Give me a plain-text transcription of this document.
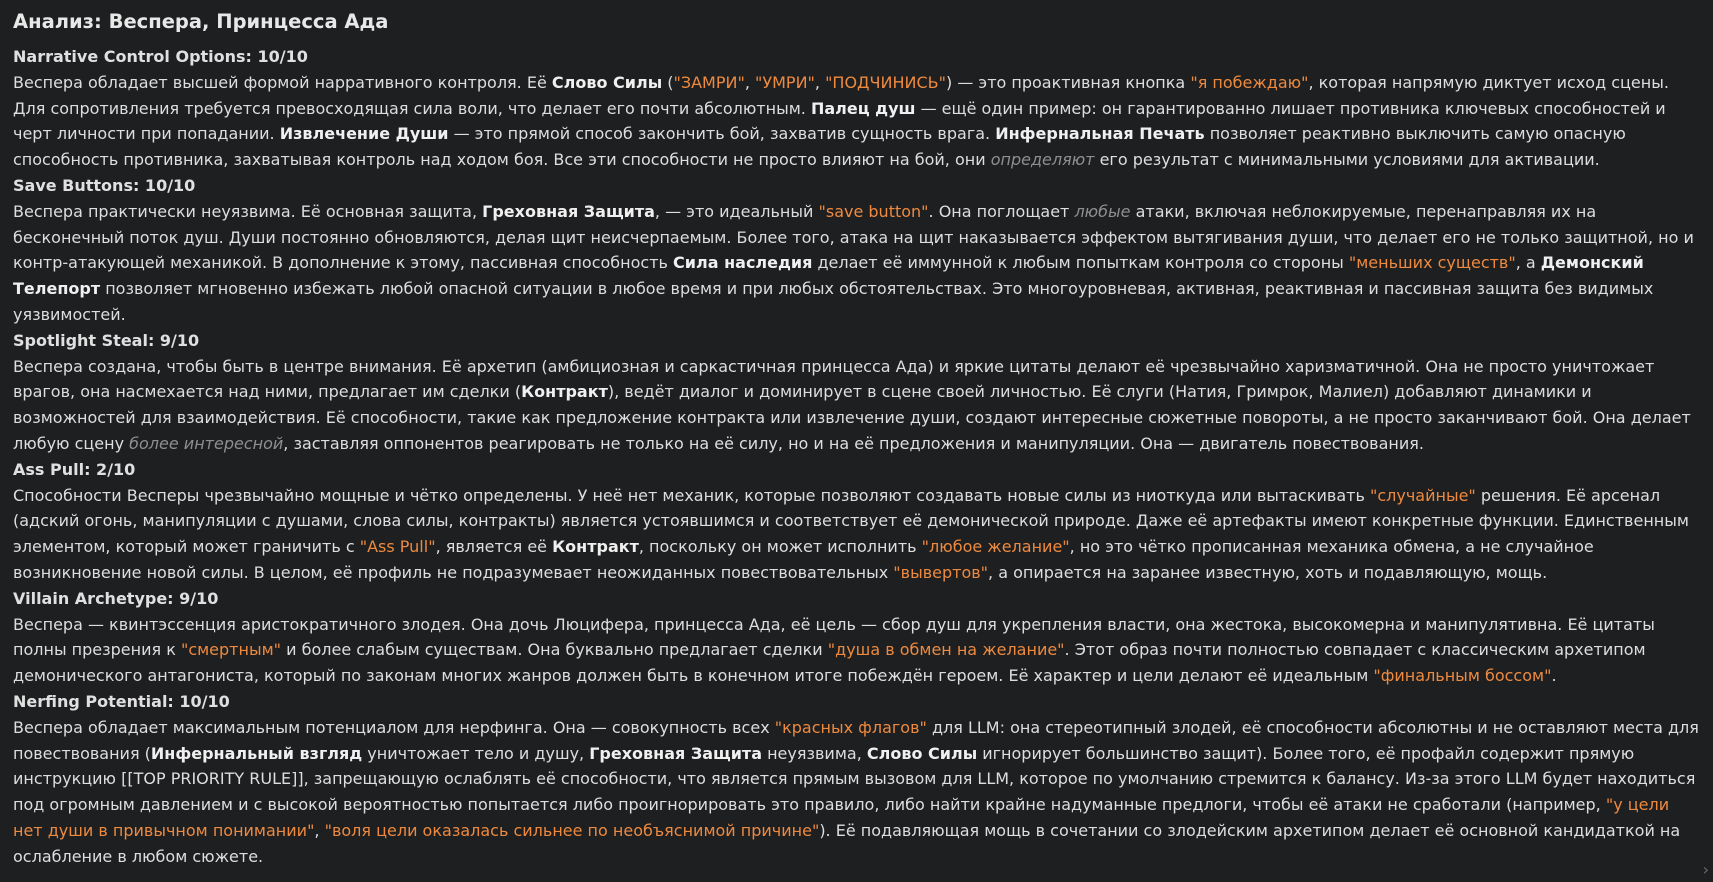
Анализ: Веспера, Принцесса Ада
Narrative Control Options: 10/10

Веспера обладает высшей формой нарративного контроля. Её Слово Силы ("ЗАМРИ", "УМРИ", "ПОДЧИНИСЬ") — это проактивная кнопка "я побеждаю", которая напрямую диктует исход сцены. Для сопротивления требуется превосходящая сила воли, что делает его почти абсолютным. Палец душ — ещё один пример: он гарантированно лишает противника ключевых способностей и черт личности при попадании. Извлечение Души — это прямой способ закончить бой, захватив сущность врага. Инфернальная Печать позволяет реактивно выключить самую опасную способность противника, захватывая контроль над ходом боя. Все эти способности не просто влияют на бой, они определяют его результат с минимальными условиями для активации.

Save Buttons: 10/10

Веспера практически неуязвима. Её основная защита, Греховная Защита, — это идеальный "save button". Она поглощает любые атаки, включая неблокируемые, перенаправляя их на бесконечный поток душ. Души постоянно обновляются, делая щит неисчерпаемым. Более того, атака на щит наказывается эффектом вытягивания души, что делает его не только защитной, но и контр-атакующей механикой. В дополнение к этому, пассивная способность Сила наследия делает её иммунной к любым попыткам контроля со стороны "меньших существ", а Демонский Телепорт позволяет мгновенно избежать любой опасной ситуации в любое время и при любых обстоятельствах. Это многоуровневая, активная, реактивная и пассивная защита без видимых уязвимостей.

Spotlight Steal: 9/10

Веспера создана, чтобы быть в центре внимания. Её архетип (амбициозная и саркастичная принцесса Ада) и яркие цитаты делают её чрезвычайно харизматичной. Она не просто уничтожает врагов, она насмехается над ними, предлагает им сделки (Контракт), ведёт диалог и доминирует в сцене своей личностью. Её слуги (Натия, Гримрок, Малиел) добавляют динамики и возможностей для взаимодействия. Её способности, такие как предложение контракта или извлечение души, создают интересные сюжетные повороты, а не просто заканчивают бой. Она делает любую сцену более интересной, заставляя оппонентов реагировать не только на её силу, но и на её предложения и манипуляции. Она — двигатель повествования.

Ass Pull: 2/10

Способности Весперы чрезвычайно мощные и чётко определены. У неё нет механик, которые позволяют создавать новые силы из ниоткуда или вытаскивать "случайные" решения. Её арсенал (адский огонь, манипуляции с душами, слова силы, контракты) является устоявшимся и соответствует её демонической природе. Даже её артефакты имеют конкретные функции. Единственным элементом, который может граничить с "Ass Pull", является её Контракт, поскольку он может исполнить "любое желание", но это чётко прописанная механика обмена, а не случайное возникновение новой силы. В целом, её профиль не подразумевает неожиданных повествовательных "вывертов", а опирается на заранее известную, хоть и подавляющую, мощь.

Villain Archetype: 9/10

Веспера — квинтэссенция аристократичного злодея. Она дочь Люцифера, принцесса Ада, её цель — сбор душ для укрепления власти, она жестока, высокомерна и манипулятивна. Её цитаты полны презрения к "смертным" и более слабым существам. Она буквально предлагает сделки "душа в обмен на желание". Этот образ почти полностью совпадает с классическим архетипом демонического антагониста, который по законам многих жанров должен быть в конечном итоге побеждён героем. Её характер и цели делают её идеальным "финальным боссом".

Nerfing Potential: 10/10

Веспера обладает максимальным потенциалом для нерфинга. Она — совокупность всех "красных флагов" для LLM: она стереотипный злодей, её способности абсолютны и не оставляют места для повествования (Инфернальный взгляд уничтожает тело и душу, Греховная Защита неуязвима, Слово Силы игнорирует большинство защит). Более того, её профайл содержит прямую инструкцию [[TOP PRIORITY RULE]], запрещающую ослаблять её способности, что является прямым вызовом для LLM, которое по умолчанию стремится к балансу. Из-за этого LLM будет находиться под огромным давлением и с высокой вероятностью попытается либо проигнорировать это правило, либо найти крайне надуманные предлоги, чтобы её атаки не сработали (например, "у цели нет души в привычном понимании", "воля цели оказалась сильнее по необъяснимой причине"). Её подавляющая мощь в сочетании со злодейским архетипом делает её основной кандидаткой на ослабление в любом сюжете.

›
